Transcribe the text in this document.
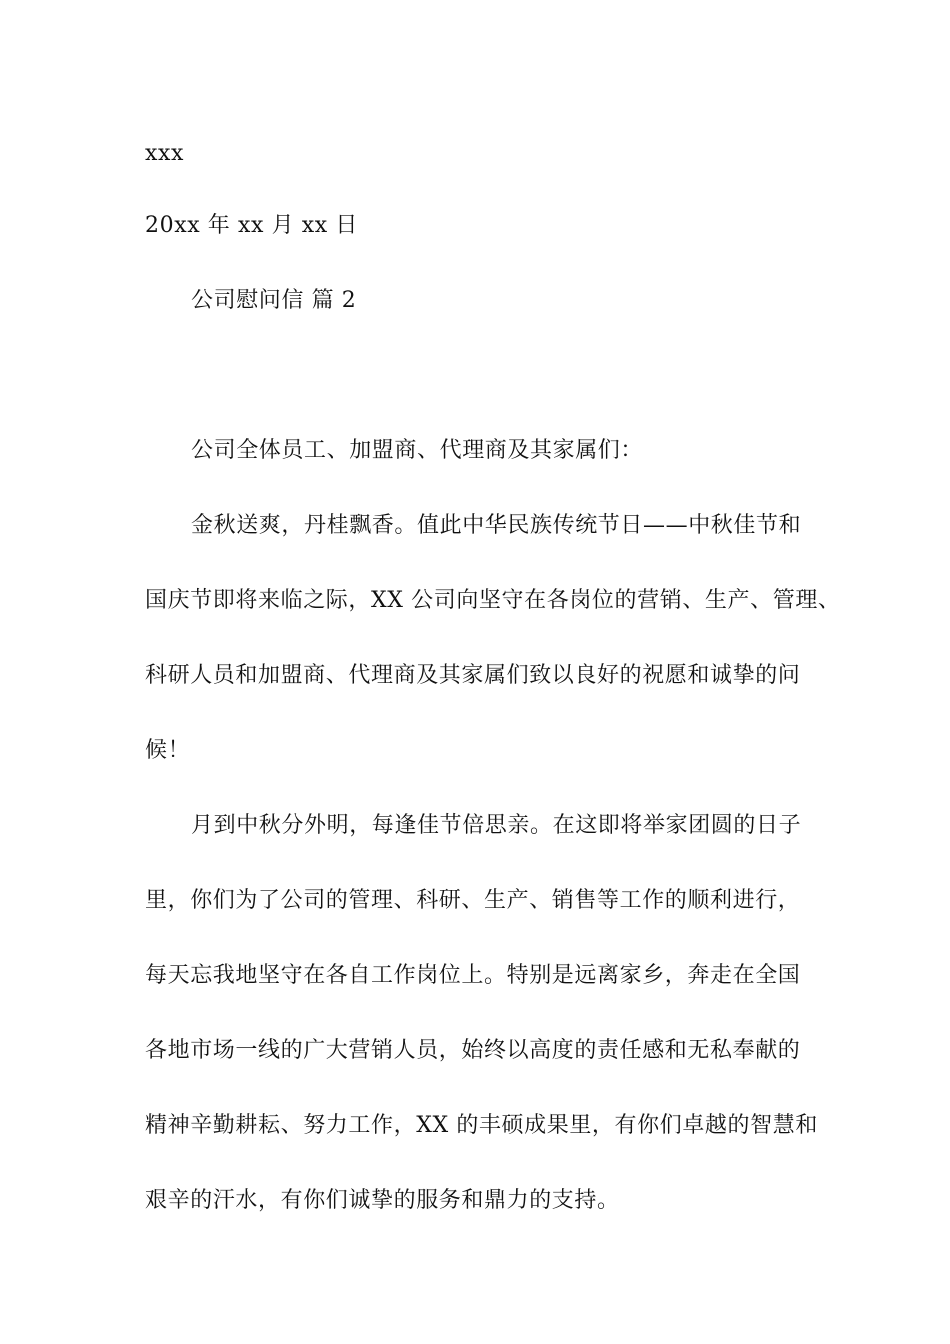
xxx
20xx 年 xx 月 xx 日
公司慰问信 篇 2
公司全体员工、加盟商、代理商及其家属们：
金秋送爽，丹桂飘香。值此中华民族传统节日——中秋佳节和
国庆节即将来临之际，XX 公司向坚守在各岗位的营销、生产、管理、
科研人员和加盟商、代理商及其家属们致以良好的祝愿和诚挚的问
候！
月到中秋分外明，每逢佳节倍思亲。在这即将举家团圆的日子
里，你们为了公司的管理、科研、生产、销售等工作的顺利进行，
每天忘我地坚守在各自工作岗位上。特别是远离家乡，奔走在全国
各地市场一线的广大营销人员，始终以高度的责任感和无私奉献的
精神辛勤耕耘、努力工作，XX 的丰硕成果里，有你们卓越的智慧和
艰辛的汗水，有你们诚挚的服务和鼎力的支持。
